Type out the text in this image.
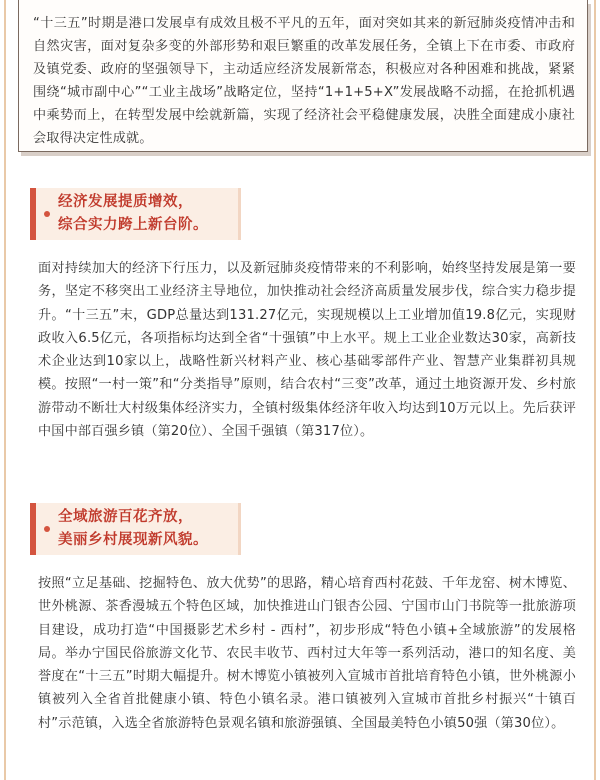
“十三五”时期是港口发展卓有成效且极不平凡的五年，面对突如其来的新冠肺炎疫情冲击和自然灾害，面对复杂多变的外部形势和艰巨繁重的改革发展任务，全镇上下在市委、市政府及镇党委、政府的坚强领导下，主动适应经济发展新常态，积极应对各种困难和挑战，紧紧围绕“城市副中心”“工业主战场”战略定位，坚持“1+1+5+X”发展战略不动摇，在抢抓机遇中乘势而上，在转型发展中绘就新篇，实现了经济社会平稳健康发展，决胜全面建成小康社会取得决定性成就。

经济发展提质增效，
综合实力跨上新台阶。

面对持续加大的经济下行压力，以及新冠肺炎疫情带来的不利影响，始终坚持发展是第一要务，坚定不移突出工业经济主导地位，加快推动社会经济高质量发展步伐，综合实力稳步提升。“十三五”末，GDP总量达到131.27亿元，实现规模以上工业增加值19.8亿元，实现财政收入6.5亿元，各项指标均达到全省“十强镇”中上水平。规上工业企业数达30家，高新技术企业达到10家以上，战略性新兴材料产业、核心基础零部件产业、智慧产业集群初具规模。按照“一村一策”和“分类指导”原则，结合农村“三变”改革，通过土地资源开发、乡村旅游带动不断壮大村级集体经济实力，全镇村级集体经济年收入均达到10万元以上。先后获评中国中部百强乡镇（第20位）、全国千强镇（第317位）。

全域旅游百花齐放，
美丽乡村展现新风貌。

按照“立足基础、挖掘特色、放大优势”的思路，精心培育西村花鼓、千年龙窑、树木博览、世外桃源、茶香漫城五个特色区域，加快推进山门银杏公园、宁国市山门书院等一批旅游项目建设，成功打造“中国摄影艺术乡村 - 西村”，初步形成“特色小镇+全域旅游”的发展格局。举办宁国民俗旅游文化节、农民丰收节、西村过大年等一系列活动，港口的知名度、美誉度在“十三五”时期大幅提升。树木博览小镇被列入宣城市首批培育特色小镇，世外桃源小镇被列入全省首批健康小镇、特色小镇名录。港口镇被列入宣城市首批乡村振兴“十镇百村”示范镇，入选全省旅游特色景观名镇和旅游强镇、全国最美特色小镇50强（第30位）。
